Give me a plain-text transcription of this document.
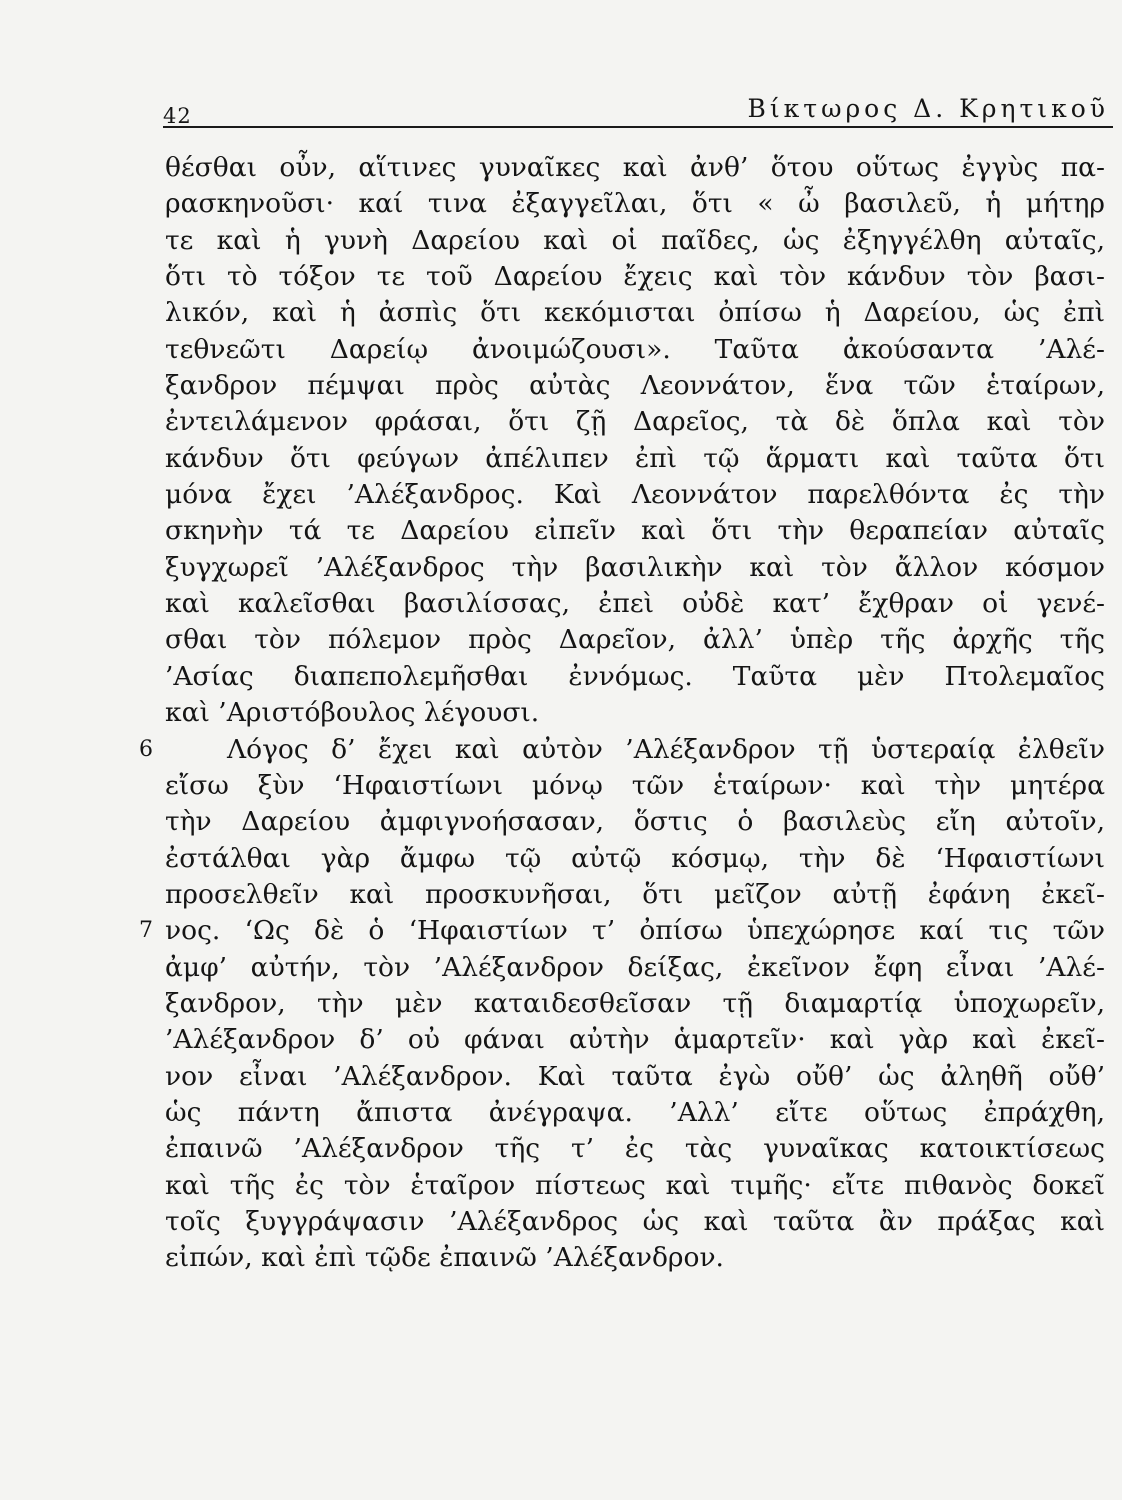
42	Βίκτωρος Δ. Κρητικοῦ
θέσθαι οὖν, αἵτινες γυναῖκες καὶ ἀνθ’ ὅτου οὕτως ἐγγὺς πα-
ρασκηνοῦσι· καί τινα ἐξαγγεῖλαι, ὅτι « ὦ βασιλεῦ, ἡ μήτηρ
τε καὶ ἡ γυνὴ Δαρείου καὶ οἱ παῖδες, ὡς ἐξηγγέλθη αὐταῖς,
ὅτι τὸ τόξον τε τοῦ Δαρείου ἔχεις καὶ τὸν κάνδυν τὸν βασι-
λικόν, καὶ ἡ ἀσπὶς ὅτι κεκόμισται ὀπίσω ἡ Δαρείου, ὡς ἐπὶ
τεθνεῶτι Δαρείῳ ἀνοιμώζουσι». Ταῦτα ἀκούσαντα ’Αλέ-
ξανδρον πέμψαι πρὸς αὐτὰς Λεοννάτον, ἕνα τῶν ἑταίρων,
ἐντειλάμενον φράσαι, ὅτι ζῇ Δαρεῖος, τὰ δὲ ὅπλα καὶ τὸν
κάνδυν ὅτι φεύγων ἀπέλιπεν ἐπὶ τῷ ἅρματι καὶ ταῦτα ὅτι
μόνα ἔχει ’Αλέξανδρος. Καὶ Λεοννάτον παρελθόντα ἐς τὴν
σκηνὴν τά τε Δαρείου εἰπεῖν καὶ ὅτι τὴν θεραπείαν αὐταῖς
ξυγχωρεῖ ’Αλέξανδρος τὴν βασιλικὴν καὶ τὸν ἄλλον κόσμον
καὶ καλεῖσθαι βασιλίσσας, ἐπεὶ οὐδὲ κατ’ ἔχθραν οἱ γενέ-
σθαι τὸν πόλεμον πρὸς Δαρεῖον, ἀλλ’ ὑπὲρ τῆς ἀρχῆς τῆς
’Ασίας διαπεπολεμῆσθαι ἐννόμως. Ταῦτα μὲν Πτολεμαῖος
καὶ ’Αριστόβουλος λέγουσι.
6	Λόγος δ’ ἔχει καὶ αὐτὸν ’Αλέξανδρον τῇ ὑστεραίᾳ ἐλθεῖν
εἴσω ξὺν ‘Ηφαιστίωνι μόνῳ τῶν ἑταίρων· καὶ τὴν μητέρα
τὴν Δαρείου ἀμφιγνοήσασαν, ὅστις ὁ βασιλεὺς εἴη αὐτοῖν,
ἐστάλθαι γὰρ ἄμφω τῷ αὐτῷ κόσμῳ, τὴν δὲ ‘Ηφαιστίωνι
προσελθεῖν καὶ προσκυνῆσαι, ὅτι μεῖζον αὐτῇ ἐφάνη ἐκεῖ-
7 νος. ‘Ως δὲ ὁ ‘Ηφαιστίων τ’ ὀπίσω ὑπεχώρησε καί τις τῶν
ἀμφ’ αὐτήν, τὸν ’Αλέξανδρον δείξας, ἐκεῖνον ἔφη εἶναι ’Αλέ-
ξανδρον, τὴν μὲν καταιδεσθεῖσαν τῇ διαμαρτίᾳ ὑποχωρεῖν,
’Αλέξανδρον δ’ οὐ φάναι αὐτὴν ἁμαρτεῖν· καὶ γὰρ καὶ ἐκεῖ-
νον εἶναι ’Αλέξανδρον. Καὶ ταῦτα ἐγὼ οὔθ’ ὡς ἀληθῆ οὔθ’
ὡς πάντη ἄπιστα ἀνέγραψα. ’Αλλ’ εἴτε οὕτως ἐπράχθη,
ἐπαινῶ ’Αλέξανδρον τῆς τ’ ἐς τὰς γυναῖκας κατοικτίσεως
καὶ τῆς ἐς τὸν ἑταῖρον πίστεως καὶ τιμῆς· εἴτε πιθανὸς δοκεῖ
τοῖς ξυγγράψασιν ’Αλέξανδρος ὡς καὶ ταῦτα ἂν πράξας καὶ
εἰπών, καὶ ἐπὶ τῷδε ἐπαινῶ ’Αλέξανδρον.
